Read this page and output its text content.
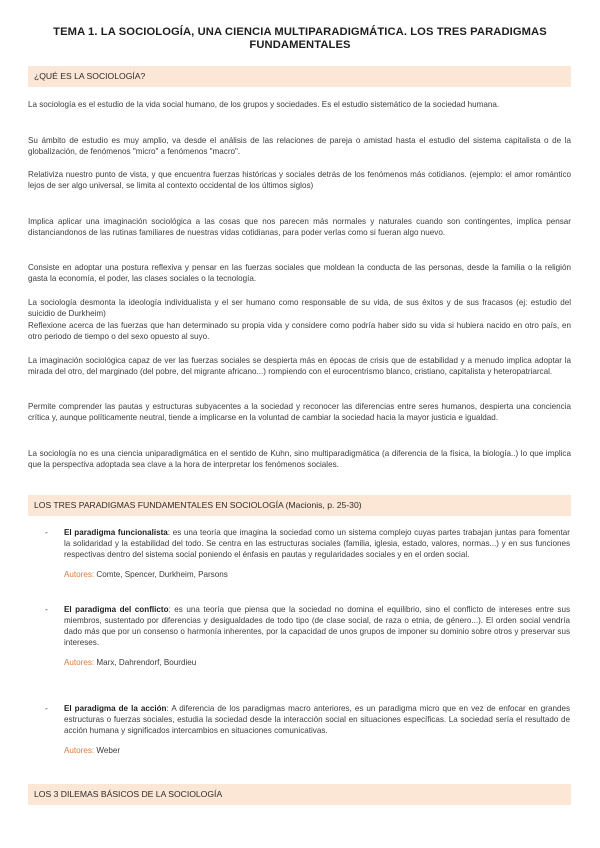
TEMA 1. LA SOCIOLOGÍA, UNA CIENCIA MULTIPARADIGMÁTICA. LOS TRES PARADIGMAS FUNDAMENTALES
¿QUÉ ES LA SOCIOLOGÍA?

La sociología es el estudio de la vida social humano, de los grupos y sociedades. Es el estudio sistemático de la sociedad humana.

Su ámbito de estudio es muy amplio, va desde el análisis de las relaciones de pareja o amistad hasta el estudio del sistema capitalista o de la globalización, de fenómenos "micro" a fenómenos "macro".

Relativiza nuestro punto de vista, y que encuentra fuerzas históricas y sociales detrás de los fenómenos más cotidianos. (ejemplo: el amor romántico lejos de ser algo universal, se limita al contexto occidental de los últimos siglos)

Implica aplicar una imaginación sociológica a las cosas que nos parecen más normales y naturales cuando son contingentes, implica pensar distanciandonos de las rutinas familiares de nuestras vidas cotidianas, para poder verlas como si fueran algo nuevo.

Consiste en adoptar una postura reflexiva y pensar en las fuerzas sociales que moldean la conducta de las personas, desde la familia o la religión gasta la economía, el poder, las clases sociales o la tecnología.

La sociología desmonta la ideología individualista y el ser humano como responsable de su vida, de sus éxitos y de sus fracasos (ej: estudio del suicidio de Durkheim)

Reflexione acerca de las fuerzas que han determinado su propia vida y considere como podría haber sido su vida si hubiera nacido en otro país, en otro periodo de tiempo o del sexo opuesto al suyo.

La imaginación sociológica capaz de ver las fuerzas sociales se despierta más en épocas de crisis que de estabilidad y a menudo implica adoptar la mirada del otro, del marginado (del pobre, del migrante africano...) rompiendo con el eurocentrismo blanco, cristiano, capitalista y heteropatriarcal.

Permite comprender las pautas y estructuras subyacentes a la sociedad y reconocer las diferencias entre seres humanos, despierta una conciencia crítica y, aunque políticamente neutral, tiende a implicarse en la voluntad de cambiar la sociedad hacia la mayor justicia e igualdad.

La sociología no es una ciencia uniparadigmática en el sentido de Kuhn, sino multiparadigmática (a diferencia de la física, la biología..) lo que implica que la perspectiva adoptada sea clave a la hora de interpretar los fenómenos sociales.

LOS TRES PARADIGMAS FUNDAMENTALES EN SOCIOLOGÍA (Macionis, p. 25-30)
- El paradigma funcionalista: es una teoría que imagina la sociedad como un sistema complejo cuyas partes trabajan juntas para fomentar la solidaridad y la estabilidad del todo. Se centra en las estructuras sociales (familia, iglesia, estado, valores, normas...) y en sus funciones respectivas dentro del sistema social poniendo el énfasis en pautas y regularidades sociales y en el orden social.
Autores: Comte, Spencer, Durkheim, Parsons
- El paradigma del conflicto: es una teoría que piensa que la sociedad no domina el equilibrio, sino el conflicto de intereses entre sus miembros, sustentado por diferencias y desigualdades de todo tipo (de clase social, de raza o etnia, de género...). El orden social vendría dado más que por un consenso o harmonía inherentes, por la capacidad de unos grupos de imponer su dominio sobre otros y preservar sus intereses.
Autores: Marx, Dahrendorf, Bourdieu
- El paradigma de la acción: A diferencia de los paradigmas macro anteriores, es un paradigma micro que en vez de enfocar en grandes estructuras o fuerzas sociales, estudia la sociedad desde la interacción social en situaciones específicas. La sociedad sería el resultado de acción humana y significados intercambios en situaciones comunicativas.
Autores: Weber
LOS 3 DILEMAS BÁSICOS DE LA SOCIOLOGÍA
